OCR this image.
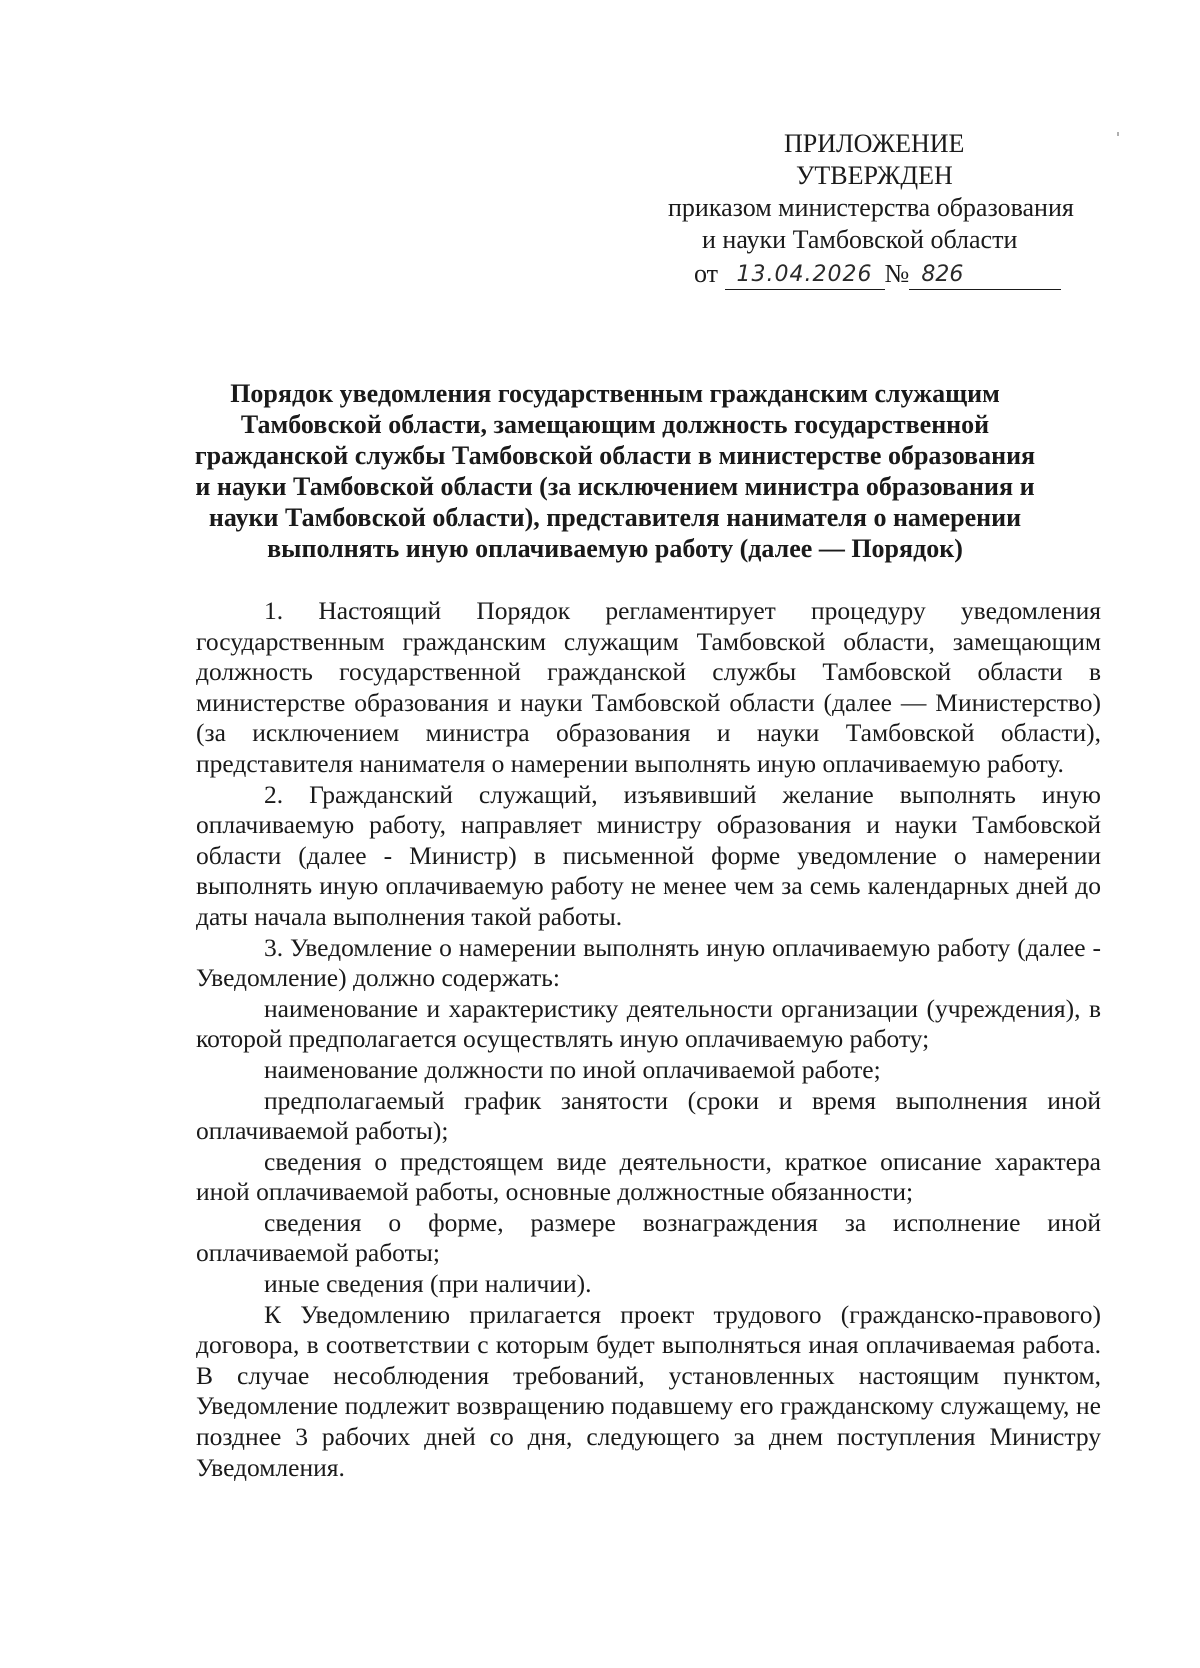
ПРИЛОЖЕНИЕ
УТВЕРЖДЕН
приказом министерства образования
и науки Тамбовской области
от 13.04.2026 № 826
Порядок уведомления государственным гражданским служащим Тамбовской области, замещающим должность государственной гражданской службы Тамбовской области в министерстве образования и науки Тамбовской области (за исключением министра образования и науки Тамбовской области), представителя нанимателя о намерении выполнять иную оплачиваемую работу (далее — Порядок)

1. Настоящий Порядок регламентирует процедуру уведомления государственным гражданским служащим Тамбовской области, замещающим должность государственной гражданской службы Тамбовской области в министерстве образования и науки Тамбовской области (далее — Министерство) (за исключением министра образования и науки Тамбовской области), представителя нанимателя о намерении выполнять иную оплачиваемую работу.

2. Гражданский служащий, изъявивший желание выполнять иную оплачиваемую работу, направляет министру образования и науки Тамбовской области (далее - Министр) в письменной форме уведомление о намерении выполнять иную оплачиваемую работу не менее чем за семь календарных дней до даты начала выполнения такой работы.

3. Уведомление о намерении выполнять иную оплачиваемую работу (далее - Уведомление) должно содержать:

наименование и характеристику деятельности организации (учреждения), в которой предполагается осуществлять иную оплачиваемую работу;

наименование должности по иной оплачиваемой работе;

предполагаемый график занятости (сроки и время выполнения иной оплачиваемой работы);

сведения о предстоящем виде деятельности, краткое описание характера иной оплачиваемой работы, основные должностные обязанности;

сведения о форме, размере вознаграждения за исполнение иной оплачиваемой работы;

иные сведения (при наличии).

К Уведомлению прилагается проект трудового (гражданско-правового) договора, в соответствии с которым будет выполняться иная оплачиваемая работа. В случае несоблюдения требований, установленных настоящим пунктом, Уведомление подлежит возвращению подавшему его гражданскому служащему, не позднее 3 рабочих дней со дня, следующего за днем поступления Министру Уведомления.
